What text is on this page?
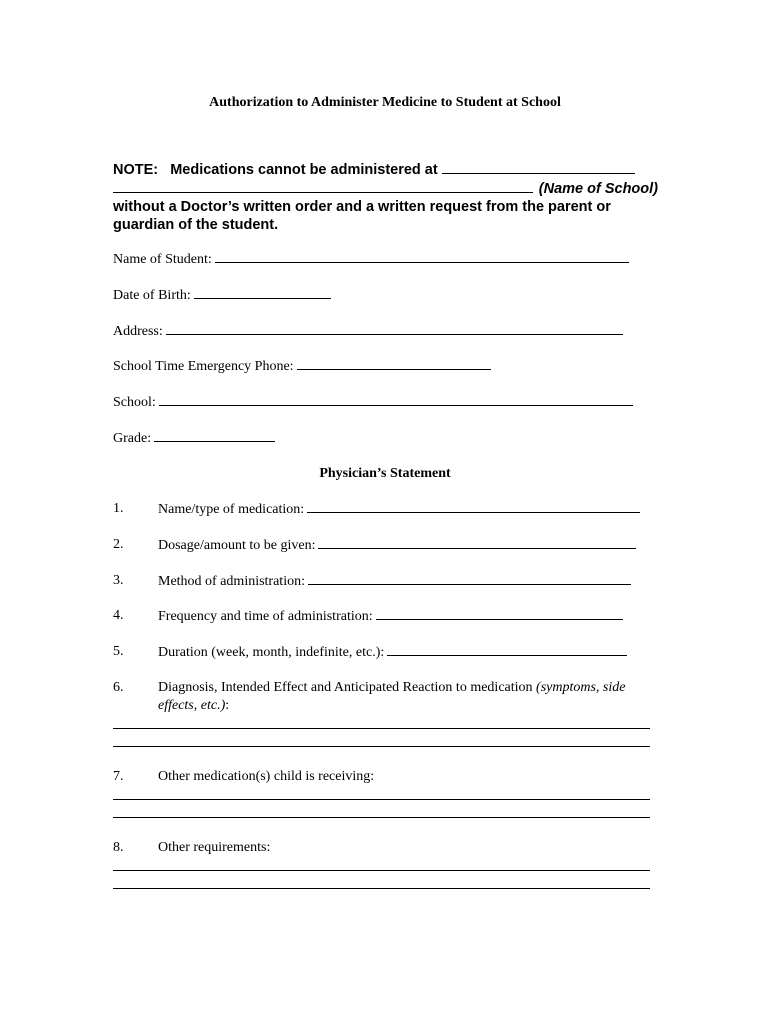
Authorization to Administer Medicine to Student at School
NOTE:   Medications cannot be administered at
(Name of School)
without a Doctor’s written order and a written request from the parent or guardian of the student.
Name of Student:
Date of Birth:
Address:
School Time Emergency Phone:
School:
Grade:
Physician’s Statement
1.	Name/type of medication:
2.	Dosage/amount to be given:
3.	Method of administration:
4.	Frequency and time of administration:
5.	Duration (week, month, indefinite, etc.):
6.	Diagnosis, Intended Effect and Anticipated Reaction to medication (symptoms, side effects, etc.):
7.	Other medication(s) child is receiving:
8.	Other requirements:
